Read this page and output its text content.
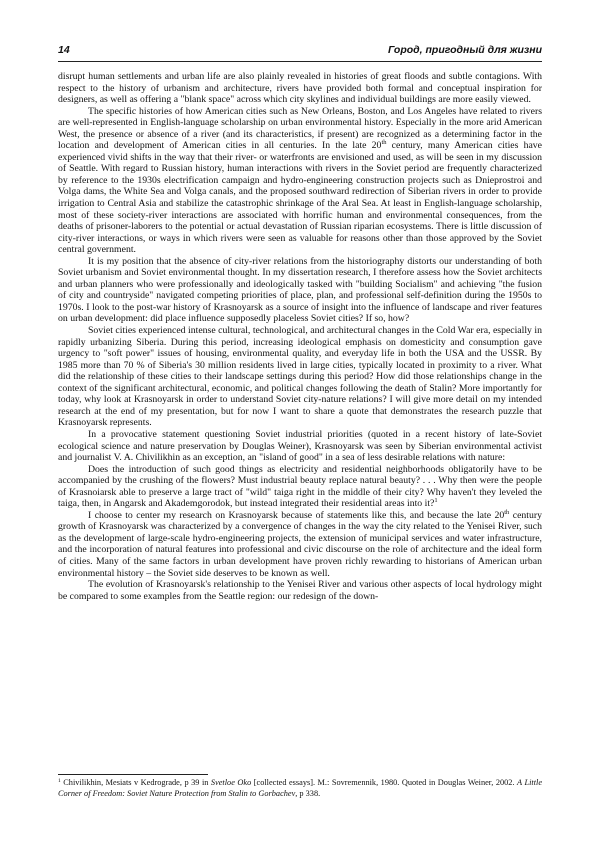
14	Город, пригодный для жизни

disrupt human settlements and urban life are also plainly revealed in histories of great floods and subtle contagions. With respect to the history of urbanism and architecture, rivers have provided both formal and conceptual inspiration for designers, as well as offering a "blank space" across which city skylines and individual buildings are more easily viewed.

The specific histories of how American cities such as New Orleans, Boston, and Los Angeles have related to rivers are well-represented in English-language scholarship on urban environmental history. Especially in the more arid American West, the presence or absence of a river (and its characteristics, if present) are recognized as a determining factor in the location and development of American cities in all centuries. In the late 20th century, many American cities have experienced vivid shifts in the way that their river- or waterfronts are envisioned and used, as will be seen in my discussion of Seattle. With regard to Russian history, human interactions with rivers in the Soviet period are frequently characterized by reference to the 1930s electrification campaign and hydro-engineering construction projects such as Dnieprostroi and Volga dams, the White Sea and Volga canals, and the proposed southward redirection of Siberian rivers in order to provide irrigation to Central Asia and stabilize the catastrophic shrinkage of the Aral Sea. At least in English-language scholarship, most of these society-river interactions are associated with horrific human and environmental consequences, from the deaths of prisoner-laborers to the potential or actual devastation of Russian riparian ecosystems. There is little discussion of city-river interactions, or ways in which rivers were seen as valuable for reasons other than those approved by the Soviet central government.

It is my position that the absence of city-river relations from the historiography distorts our understanding of both Soviet urbanism and Soviet environmental thought. In my dissertation research, I therefore assess how the Soviet architects and urban planners who were professionally and ideologically tasked with "building Socialism" and achieving "the fusion of city and countryside" navigated competing priorities of place, plan, and professional self-definition during the 1950s to 1970s. I look to the post-war history of Krasnoyarsk as a source of insight into the influence of landscape and river features on urban development: did place influence supposedly placeless Soviet cities? If so, how?

Soviet cities experienced intense cultural, technological, and architectural changes in the Cold War era, especially in rapidly urbanizing Siberia. During this period, increasing ideological emphasis on domesticity and consumption gave urgency to "soft power" issues of housing, environmental quality, and everyday life in both the USA and the USSR. By 1985 more than 70 % of Siberia's 30 million residents lived in large cities, typically located in proximity to a river. What did the relationship of these cities to their landscape settings during this period? How did those relationships change in the context of the significant architectural, economic, and political changes following the death of Stalin? More importantly for today, why look at Krasnoyarsk in order to understand Soviet city-nature relations? I will give more detail on my intended research at the end of my presentation, but for now I want to share a quote that demonstrates the research puzzle that Krasnoyarsk represents.

In a provocative statement questioning Soviet industrial priorities (quoted in a recent history of late-Soviet ecological science and nature preservation by Douglas Weiner), Krasnoyarsk was seen by Siberian environmental activist and journalist V. A. Chivilikhin as an exception, an "island of good" in a sea of less desirable relations with nature:

Does the introduction of such good things as electricity and residential neighborhoods obligatorily have to be accompanied by the crushing of the flowers? Must industrial beauty replace natural beauty? . . . Why then were the people of Krasnoiarsk able to preserve a large tract of "wild" taiga right in the middle of their city? Why haven't they leveled the taiga, then, in Angarsk and Akademgorodok, but instead integrated their residential areas into it?$^1$

I choose to center my research on Krasnoyarsk because of statements like this, and because the late 20th century growth of Krasnoyarsk was characterized by a convergence of changes in the way the city related to the Yenisei River, such as the development of large-scale hydro-engineering projects, the extension of municipal services and water infrastructure, and the incorporation of natural features into professional and civic discourse on the role of architecture and the ideal form of cities. Many of the same factors in urban development have proven richly rewarding to historians of American urban environmental history – the Soviet side deserves to be known as well.

The evolution of Krasnoyarsk's relationship to the Yenisei River and various other aspects of local hydrology might be compared to some examples from the Seattle region: our redesign of the down-

$^1$ Chivilikhin, Mesiats v Kedrograde, p 39 in Svetloe Oko [collected essays]. M.: Sovremennik, 1980. Quoted in Douglas Weiner, 2002. A Little Corner of Freedom: Soviet Nature Protection from Stalin to Gorbachev, p 338.
